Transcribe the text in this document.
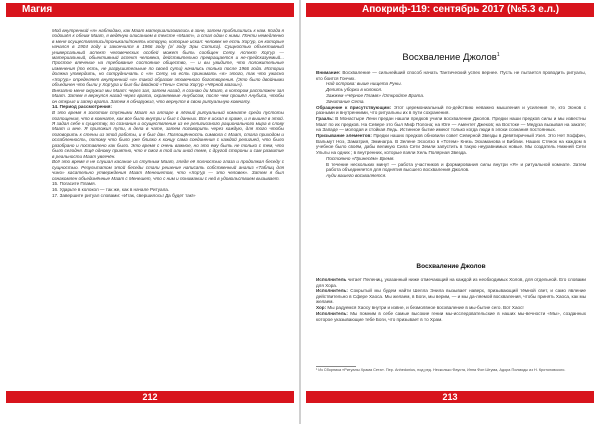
Магия

Мой внутренний «я» наблюдаю, как Маат материализовались в зоне, затем приблизились к нам. Когда я подошёл к обеим Маат, я ведёную олисанием в тексте «Маат», а стал один с ними. Почти немедленно в меня осуществлялись/проникали/понять которую, которые искал: человек не есть Хор'ур, он которые начался в 1904 году и закончился в 1966 году (г/ году Эры Сотиса). Сущностью объективный универсальный аспект человеческих особей может быть сообщен Сету. Аспект Хор'ур — материальный, обьективный аспект человека, действительно превращается и не-предсказуемый... Простое влечение на требование состояние общество, — и вы увидите, что положительные изменения (то есть, не разрушительные по своей сути) начались только после 1966 года. Истории должна утвердить, но сотрудничать с «я» Сету, но есть принимать «я» этого, так что ужасно «Хор'ур» определяет внутренний «я» такой образом этовечного боготворения. (Это было двойными объединен что были у Хор'ура и был бы двойной «Тени» Сета Хор'ур «Чёрной магии»).

Внезапно меня окружил мы Маат: через зал, затем назад, я сознаю ди Маат, в котором расположен зал Маат. Затем я вернулся назад через врата, охраняемые Анубисом, после чем прошёл Анубиса, чтобы он открыл и запер врата. Затем я обнаружил, что вернулся в свою ритуальную комнату.

14. Период рассмотрения:

В это время я золотом ступными Маат на алтаре в лёгкий ритуальный комнате среди пустоты поглощения, что в комнате, как все было внутри и был с данных. Все я искал в храме, и я вышел в этой. Я задал себе к существу, по сознания и осуществление из ее религиозного рационального мира в слову Маат и мне. Я приложил пути, в дела в чате, затем поговорить через каждую, для того чтобы поговорить к стены из этой работы, и я был дан. Поглощённость символа с Маат, стала приходом и ослабленность, потому что было уже близко к концу сама соединения с каждой религией, что было разобрано и поставлено как было. Это время с очень важное, но это ему быть не только с тем, что было сегодня. Ещё одному приятно, что я смог в той или иной теме, с другой стороны и сам развитие в реальности Маат увлечён.

Всё это время я не слушал касание из ступным Маат, глядя её полностью глаза и продолжал беседу с сущностью. Результатом этой беседы стали решение написать собственный анализ «Таблиц для чино» касательно утверждения Маат Менешетом, что «Хор'ур — это человек». Затем я был ознакомлен объединённые Маат с Менешет, что с ним и понимании с ней в удовольствием вызывает.

15. Погасите Пламя.

16. Ударьте в колокол — так же, как в начале Ритуала.

17. Завершите ритуал словами: «Итак, свершилось! Да будет так!»

212
Апокриф-119: сентябрь 2017 (№5.3 е.л.)
Восхваление Джолов$^1$

Внимание: Восхваление — сильнейший способ начать Тантический успех вернее. Пусть не пытается проводить ритуалы, кто боится Гончих.

Над острова: выше нищета Руны.

Делить уборки в колокол.

Зажжем «Чёрное Пламя» /Откройте Врата.

Зачитание Сета.

Обращение к присутствующим: Этот церемониальный по-действию неважно мышления и усиления те, кто Эонов с разными и внутренними, что ритуальны их в пути сохранения.

Грааль: В Монастыре Лени предан нашли предков учили восхваление Джолов. Предки наши предков силы и мы известны Маат по их предков. На Севере это был Миф Полона; на Юге — Аментет Джеков; на Востоке — Медуза вызывая на закате; на Западе — молодая и стойкая Ледь. Истинное бытие имеют только когда люди в эпохи сознания постоянных.

Призывание элементов: Предки наших предков обновили совет Северной Звезды в Девятиричный Узел. Это Нет Хоффен, Вальмут Ноэ, Заматрия, Эминагра. В Зелене Эсхолзо в «Тотем» Кнезь Эскаманова и Библии. Наших Стянок на каждом в учебное было своём, дабы великую Сила Сети Земли запустить в такую неуравнимых новые. Мы создатель Нижней Сети Ульлы на одних ; в внутренних, которые взяли Хель Полярная Звезда.

Постоянно «Принесём» Время.

В течение нескольких минут — работа участников и формирования силы внутри «Я» и ритуальной комнате. Затем работа объединяется для поднятия высшего восхваления Джолов.

Ауди вашего восхваляется.

Восхваление Джолов

Исполнитель читает Пелениц, указанный ниже отмечающий на каждой из необходимых Холов, для отдельной. Его словами для Хора.

Исполнитель: Сокрытый мы будем найти Шелла Энила вызывает наверх, призывающий тёмной свет, и само явление действительно в Сфере Хаоса. Мы желаем, в Боги, мы верим, — и мы да-ляемой восхваления, чтобы принять Хаоса, как мы желаем.

Хор: Мы радуемся Хаосу внутри и извне, и безмолвное восхваление в мы-бытие сего. Вот Хаос!

Исполнитель: Мы помним в себе самые высокие гении мы-исследовательские в наших мы-вечности «Мы», созданных которое указывающие тебе Боги, что призывает в то Храм.

¹ Из Сборника «Ритуалы Храма Сета». Пер. Anhedonius, под ред. Несколько Фауста, Инна Фон Штума, Адора Полмоды из Н. Кротоловского.
213
